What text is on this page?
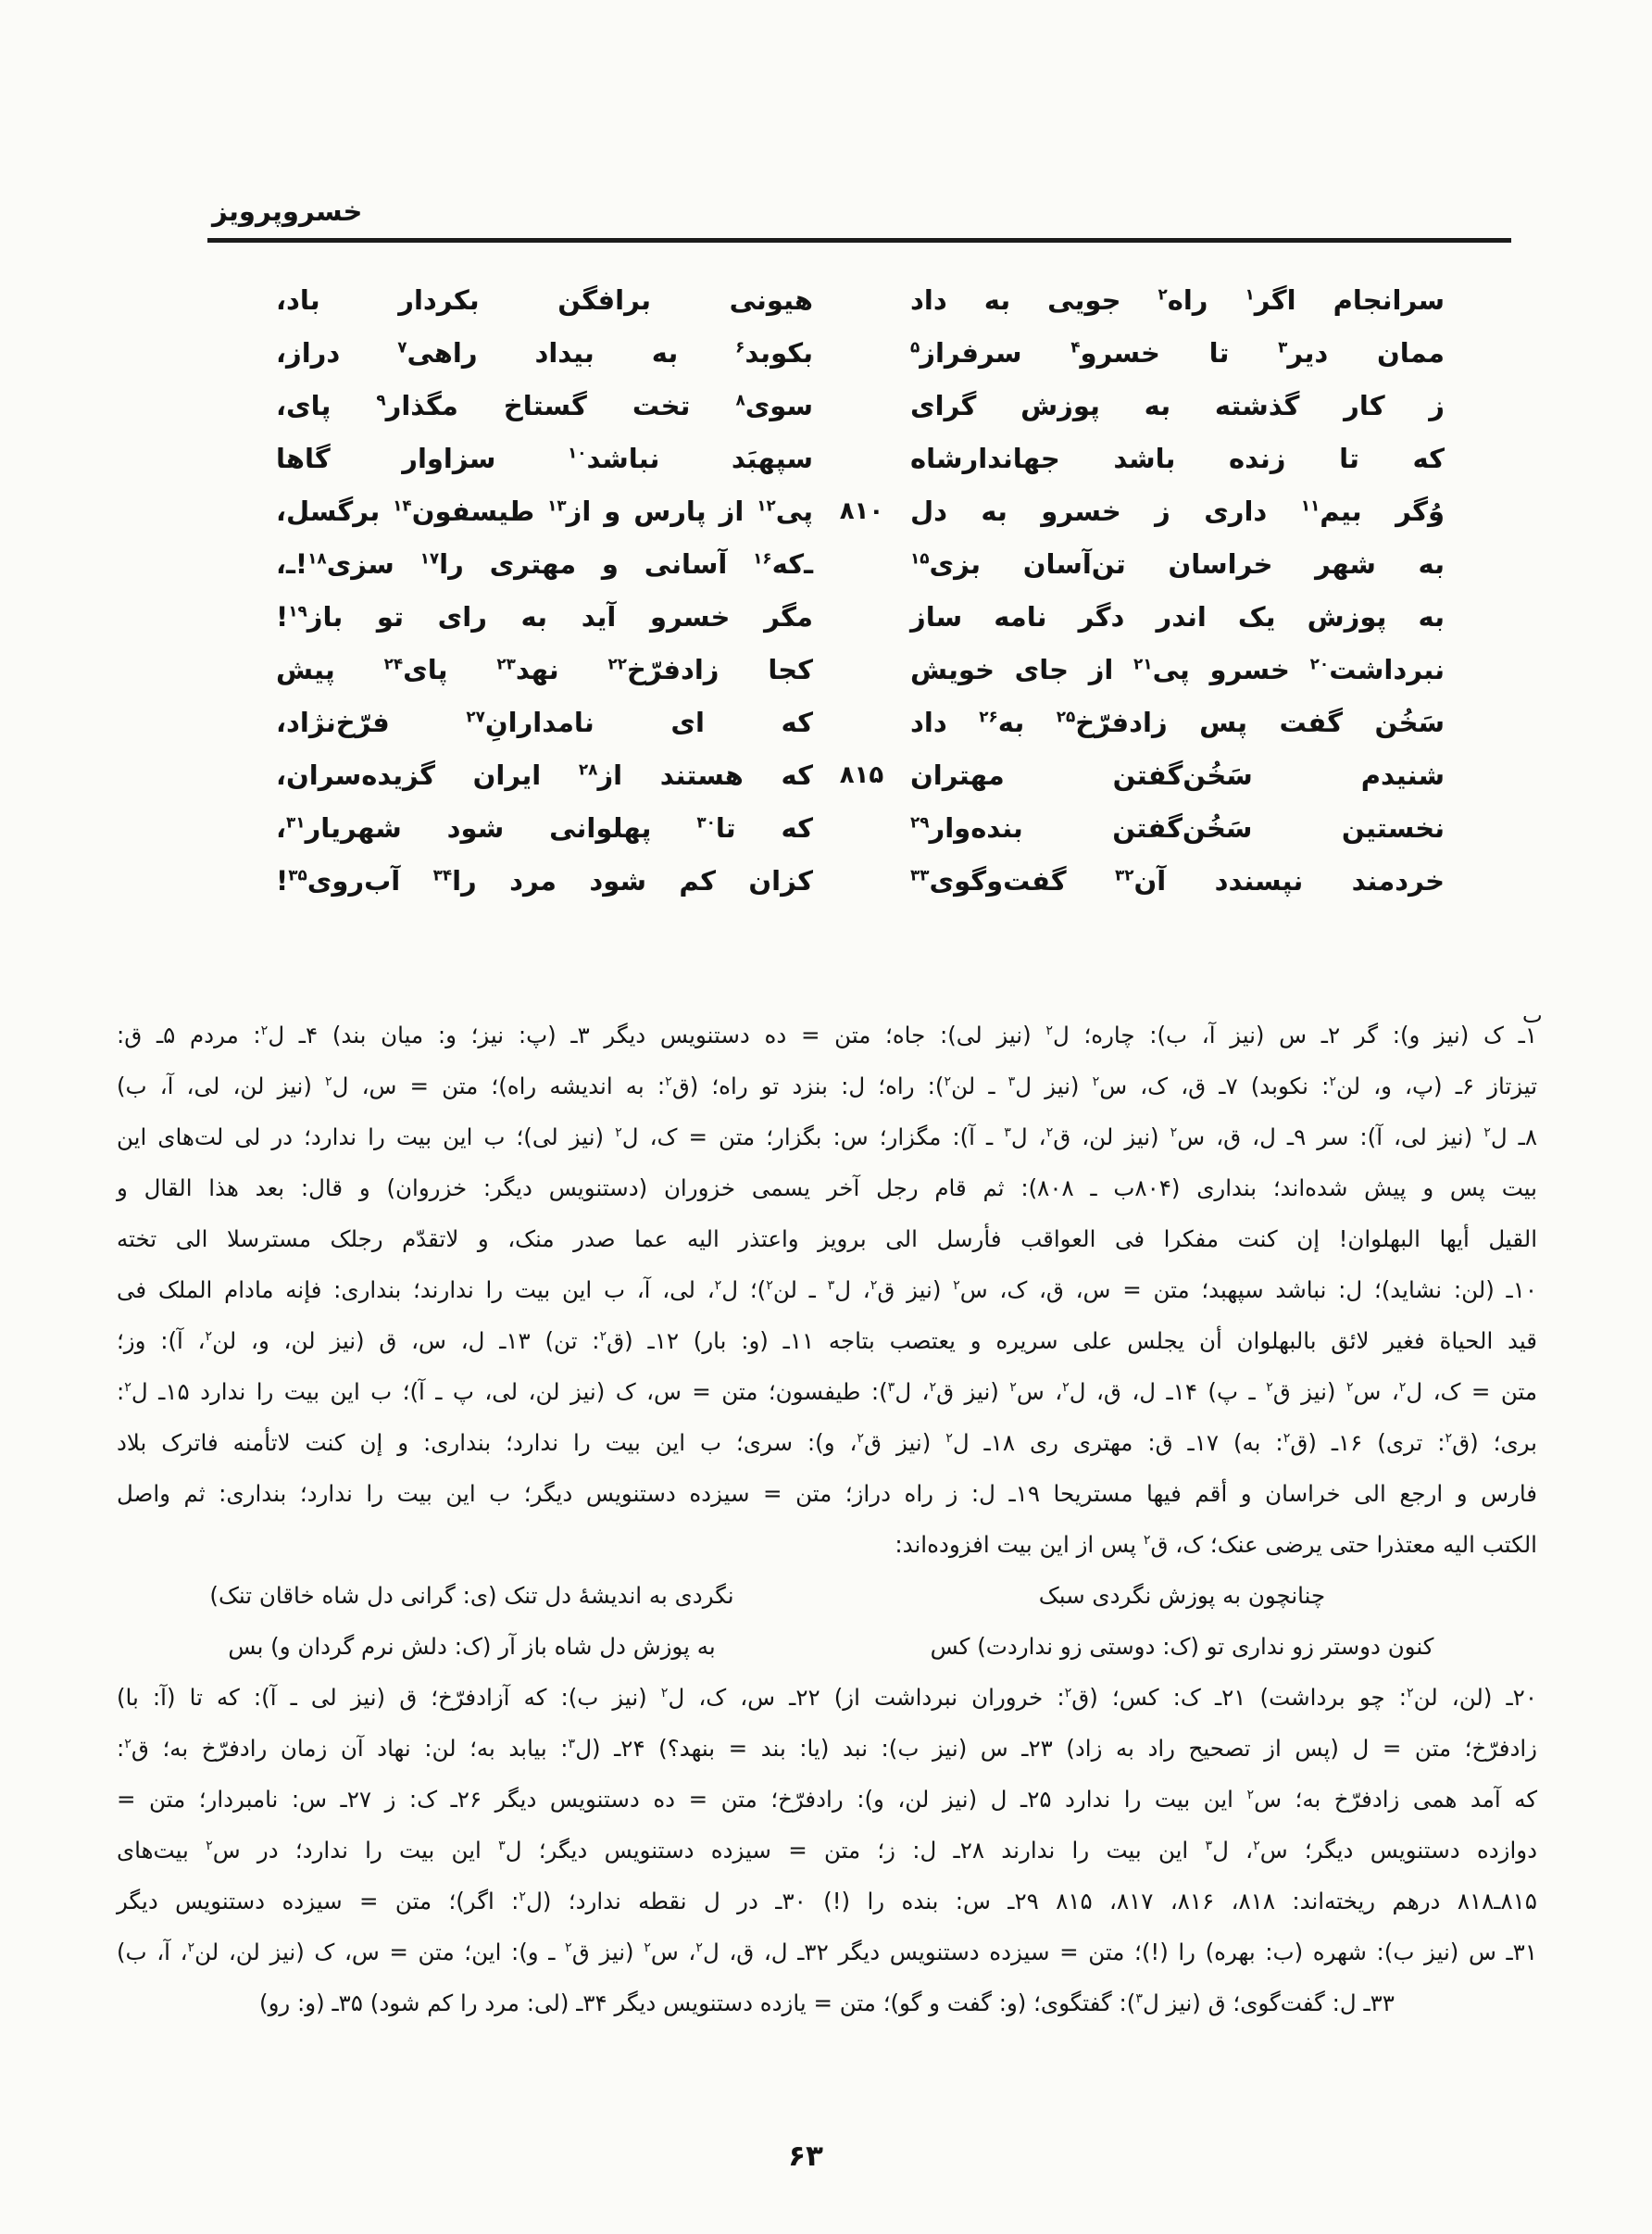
خسروپرویز
سرانجام اگر$^۱$ راه$^۲$ جویی به داد
هیونی برافگن بکردار باد،
ممان دیر$^۳$ تا خسرو$^۴$ سرفراز$^۵$
بکوبد$^۶$ به بیداد راهی$^۷$ دراز،
ز کار گذشته به پوزش گرای
سوی$^۸$ تخت گستاخ مگذار$^۹$ پای،
که تا زنده باشد جهاندارشاه
سپهبَد نباشد$^{۱۰}$ سزاوار گاها
وُگر بیم$^{۱۱}$ داری ز خسرو به دل
۸۱۰
پی$^{۱۲}$ از پارس و از$^{۱۳}$ طیسفون$^{۱۴}$ برگسل،
به شهر خراسان تن‌آسان بزی$^{۱۵}$
ـ‌که$^{۱۶}$ آسانی و مهتری را$^{۱۷}$ سزی$^{۱۸}$!ـ،
به پوزش یک اندر دگر نامه ساز
مگر خسرو آید به رای تو باز$^{۱۹}$!
نبرداشت$^{۲۰}$ خسرو پی$^{۲۱}$ از جای خویش
کجا زادفرّخ$^{۲۲}$ نهد$^{۲۳}$ پای$^{۲۴}$ پیش
سَخُن گفت پس زادفرّخ$^{۲۵}$ به$^{۲۶}$ داد
که ای نامدارانِ$^{۲۷}$ فرّخ‌نژاد،
شنیدم سَخُن‌گفتن مهتران
۸۱۵
که هستند از$^{۲۸}$ ایران گزیده‌سران،
نخستین سَخُن‌گفتن بنده‌وار$^{۲۹}$
که تا$^{۳۰}$ پهلوانی شود شهریار$^{۳۱}$،
خردمند نپسندد آن$^{۳۲}$ گفت‌وگوی$^{۳۳}$
کزان کم شود مرد را$^{۳۴}$ آب‌روی$^{۳۵}$!
ٮ
۱ـ ک (نیز و): گر ۲ـ س (نیز آ، ب): چاره؛ ل$^۲$ (نیز لی): جاه؛ متن = ده دستنویس دیگر ۳ـ (پ: نیز؛ و: میان بند) ۴ـ ل$^۲$: مردم ۵ـ ق:
تیزتاز ۶ـ (پ، و، لن$^۲$: نکوبد) ۷ـ ق، ک، س$^۲$ (نیز ل$^۳$ ـ لن$^۲$): راه؛ ل: بنزد تو راه؛ (ق$^۲$: به اندیشه راه)؛ متن = س، ل$^۲$ (نیز لن، لی، آ، ب)
۸ـ ل$^۲$ (نیز لی، آ): سر ۹ـ ل، ق، س$^۲$ (نیز لن، ق$^۲$، ل$^۳$ ـ آ): مگزار؛ س: بگزار؛ متن = ک، ل$^۲$ (نیز لی)؛ ب این بیت را ندارد؛ در لی لت‌های این
بیت پس و پیش شده‌اند؛ بنداری (۸۰۴ب ـ ۸۰۸): ثم قام رجل آخر یسمی خزوران (دستنویس دیگر: خزروان) و قال: بعد هذا القال و
القیل أیها البهلوان! إن کنت مفکرا فی العواقب فأرسل الی برویز واعتذر الیه عما صدر منک، و لاتقدّم رجلک مسترسلا الی تخته
۱۰ـ (لن: نشاید)؛ ل: نباشد سپهبد؛ متن = س، ق، ک، س$^۲$ (نیز ق$^۲$، ل$^۳$ ـ لن$^۲$)؛ ل$^۲$، لی، آ، ب این بیت را ندارند؛ بنداری: فإنه مادام الملک فی
قید الحیاة فغیر لائق بالبهلوان أن یجلس علی سریره و یعتصب بتاجه ۱۱ـ (و: بار) ۱۲ـ (ق$^۲$: تن) ۱۳ـ ل، س، ق (نیز لن، و، لن$^۲$، آ): وز؛
متن = ک، ل$^۲$، س$^۲$ (نیز ق$^۲$ ـ پ) ۱۴ـ ل، ق، ل$^۲$، س$^۲$ (نیز ق$^۲$، ل$^۳$): طیفسون؛ متن = س، ک (نیز لن، لی، پ ـ آ)؛ ب این بیت را ندارد ۱۵ـ ل$^۲$:
بری؛ (ق$^۲$: تری) ۱۶ـ (ق$^۲$: به) ۱۷ـ ق: مهتری ری ۱۸ـ ل$^۲$ (نیز ق$^۲$، و): سری؛ ب این بیت را ندارد؛ بنداری: و إن کنت لاتأمنه فاترک بلاد
فارس و ارجع الی خراسان و أقم فیها مستریحا ۱۹ـ ل: ز راه دراز؛ متن = سیزده دستنویس دیگر؛ ب این بیت را ندارد؛ بنداری: ثم واصل
الکتب الیه معتذرا حتی یرضی عنک؛ ک، ق$^۲$ پس از این بیت افزوده‌اند:
چنانچون به پوزش نگردی سبک
نگردی به اندیشهٔ دل تنک (ی: گرانی دل شاه خاقان تنک)
کنون دوستر زو نداری تو (ک: دوستی زو نداردت) کس
به پوزش دل شاه باز آر (ک: دلش نرم گردان و) بس
۲۰ـ (لن، لن$^۲$: چو برداشت) ۲۱ـ ک: کس؛ (ق$^۲$: خروران نبرداشت از) ۲۲ـ س، ک، ل$^۲$ (نیز ب): که آزادفرّخ؛ ق (نیز لی ـ آ): که تا (آ: با)
زادفرّخ؛ متن = ل (پس از تصحیح راد به زاد) ۲۳ـ س (نیز ب): نبد (یا: بند = بنهد؟) ۲۴ـ (ل$^۳$: بیابد به؛ لن: نهاد آن زمان رادفرّخ به؛ ق$^۲$:
که آمد همی زادفرّخ به؛ س$^۲$ این بیت را ندارد ۲۵ـ ل (نیز لن، و): رادفرّخ؛ متن = ده دستنویس دیگر ۲۶ـ ک: ز ۲۷ـ س: نامبردار؛ متن =
دوازده دستنویس دیگر؛ س$^۲$، ل$^۳$ این بیت را ندارند ۲۸ـ ل: ز؛ متن = سیزده دستنویس دیگر؛ ل$^۳$ این بیت را ندارد؛ در س$^۲$ بیت‌های
۸۱۵ـ۸۱۸ درهم ریخته‌اند: ۸۱۸، ۸۱۶، ۸۱۷، ۸۱۵ ۲۹ـ س: بنده را (!) ۳۰ـ در ل نقطه ندارد؛ (ل$^۲$: اگر)؛ متن = سیزده دستنویس دیگر
۳۱ـ س (نیز ب): شهره (ب: بهره) را (!)؛ متن = سیزده دستنویس دیگر ۳۲ـ ل، ق، ل$^۲$، س$^۲$ (نیز ق$^۲$ ـ و): این؛ متن = س، ک (نیز لن، لن$^۲$، آ، ب)
۳۳ـ ل: گفت‌گوی؛ ق (نیز ل$^۳$): گفتگوی؛ (و: گفت و گو)؛ متن = یازده دستنویس دیگر ۳۴ـ (لی: مرد را کم شود) ۳۵ـ (و: رو)
۶۳
